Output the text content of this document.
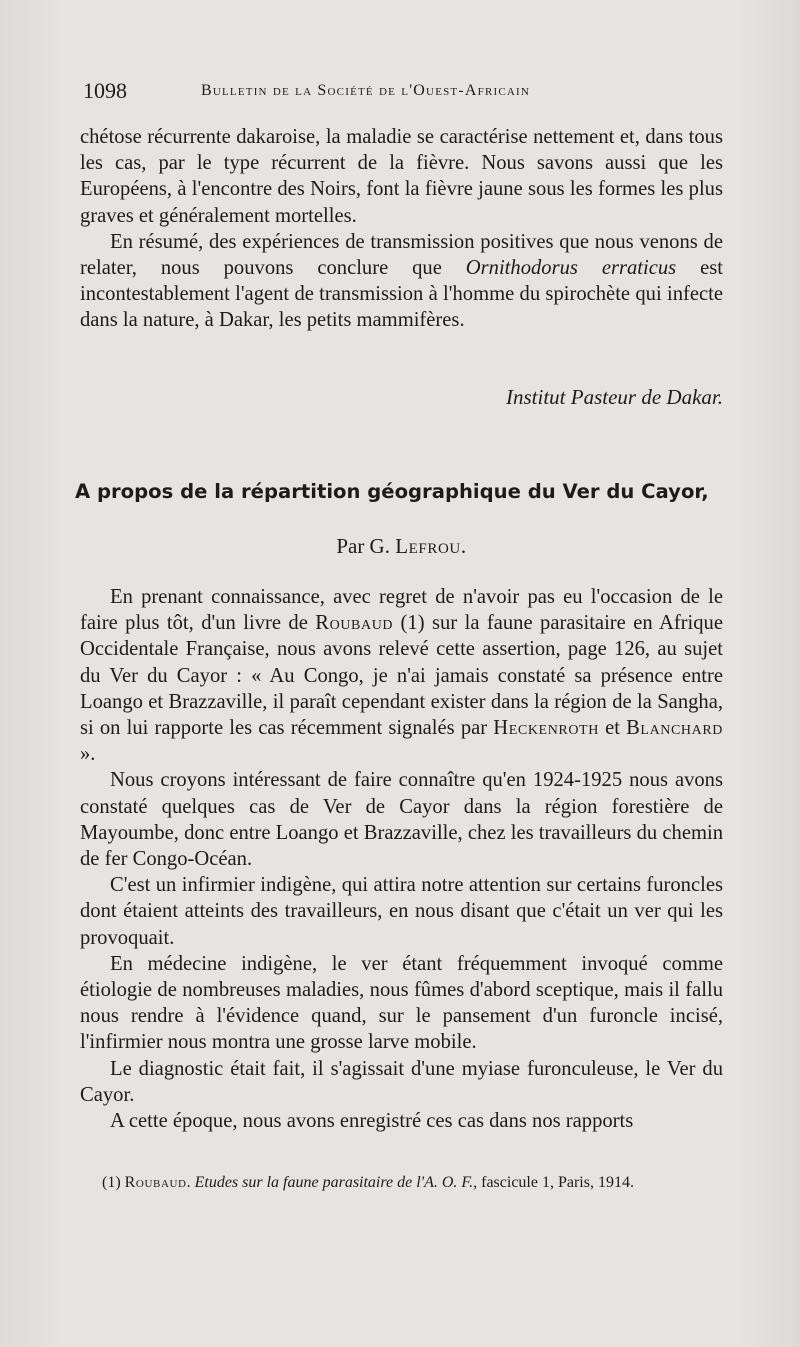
1098	Bulletin de la Société de l'Ouest-Africain

chétose récurrente dakaroise, la maladie se caractérise nettement et, dans tous les cas, par le type récurrent de la fièvre. Nous savons aussi que les Européens, à l'encontre des Noirs, font la fièvre jaune sous les formes les plus graves et généralement mortelles.

En résumé, des expériences de transmission positives que nous venons de relater, nous pouvons conclure que Ornithodorus erraticus est incontestablement l'agent de transmission à l'homme du spirochète qui infecte dans la nature, à Dakar, les petits mammifères.

Institut Pasteur de Dakar.
A propos de la répartition géographique du Ver du Cayor,
Par G. Lefrou.

En prenant connaissance, avec regret de n'avoir pas eu l'occasion de le faire plus tôt, d'un livre de Roubaud (1) sur la faune parasitaire en Afrique Occidentale Française, nous avons relevé cette assertion, page 126, au sujet du Ver du Cayor : « Au Congo, je n'ai jamais constaté sa présence entre Loango et Brazzaville, il paraît cependant exister dans la région de la Sangha, si on lui rapporte les cas récemment signalés par Heckenroth et Blanchard ».

Nous croyons intéressant de faire connaître qu'en 1924-1925 nous avons constaté quelques cas de Ver de Cayor dans la région forestière de Mayoumbe, donc entre Loango et Brazzaville, chez les travailleurs du chemin de fer Congo-Océan.

C'est un infirmier indigène, qui attira notre attention sur certains furoncles dont étaient atteints des travailleurs, en nous disant que c'était un ver qui les provoquait.

En médecine indigène, le ver étant fréquemment invoqué comme étiologie de nombreuses maladies, nous fûmes d'abord sceptique, mais il fallu nous rendre à l'évidence quand, sur le pansement d'un furoncle incisé, l'infirmier nous montra une grosse larve mobile.

Le diagnostic était fait, il s'agissait d'une myiase furonculeuse, le Ver du Cayor.

A cette époque, nous avons enregistré ces cas dans nos rapports

(1) Roubaud. Etudes sur la faune parasitaire de l'A. O. F., fascicule 1, Paris, 1914.
